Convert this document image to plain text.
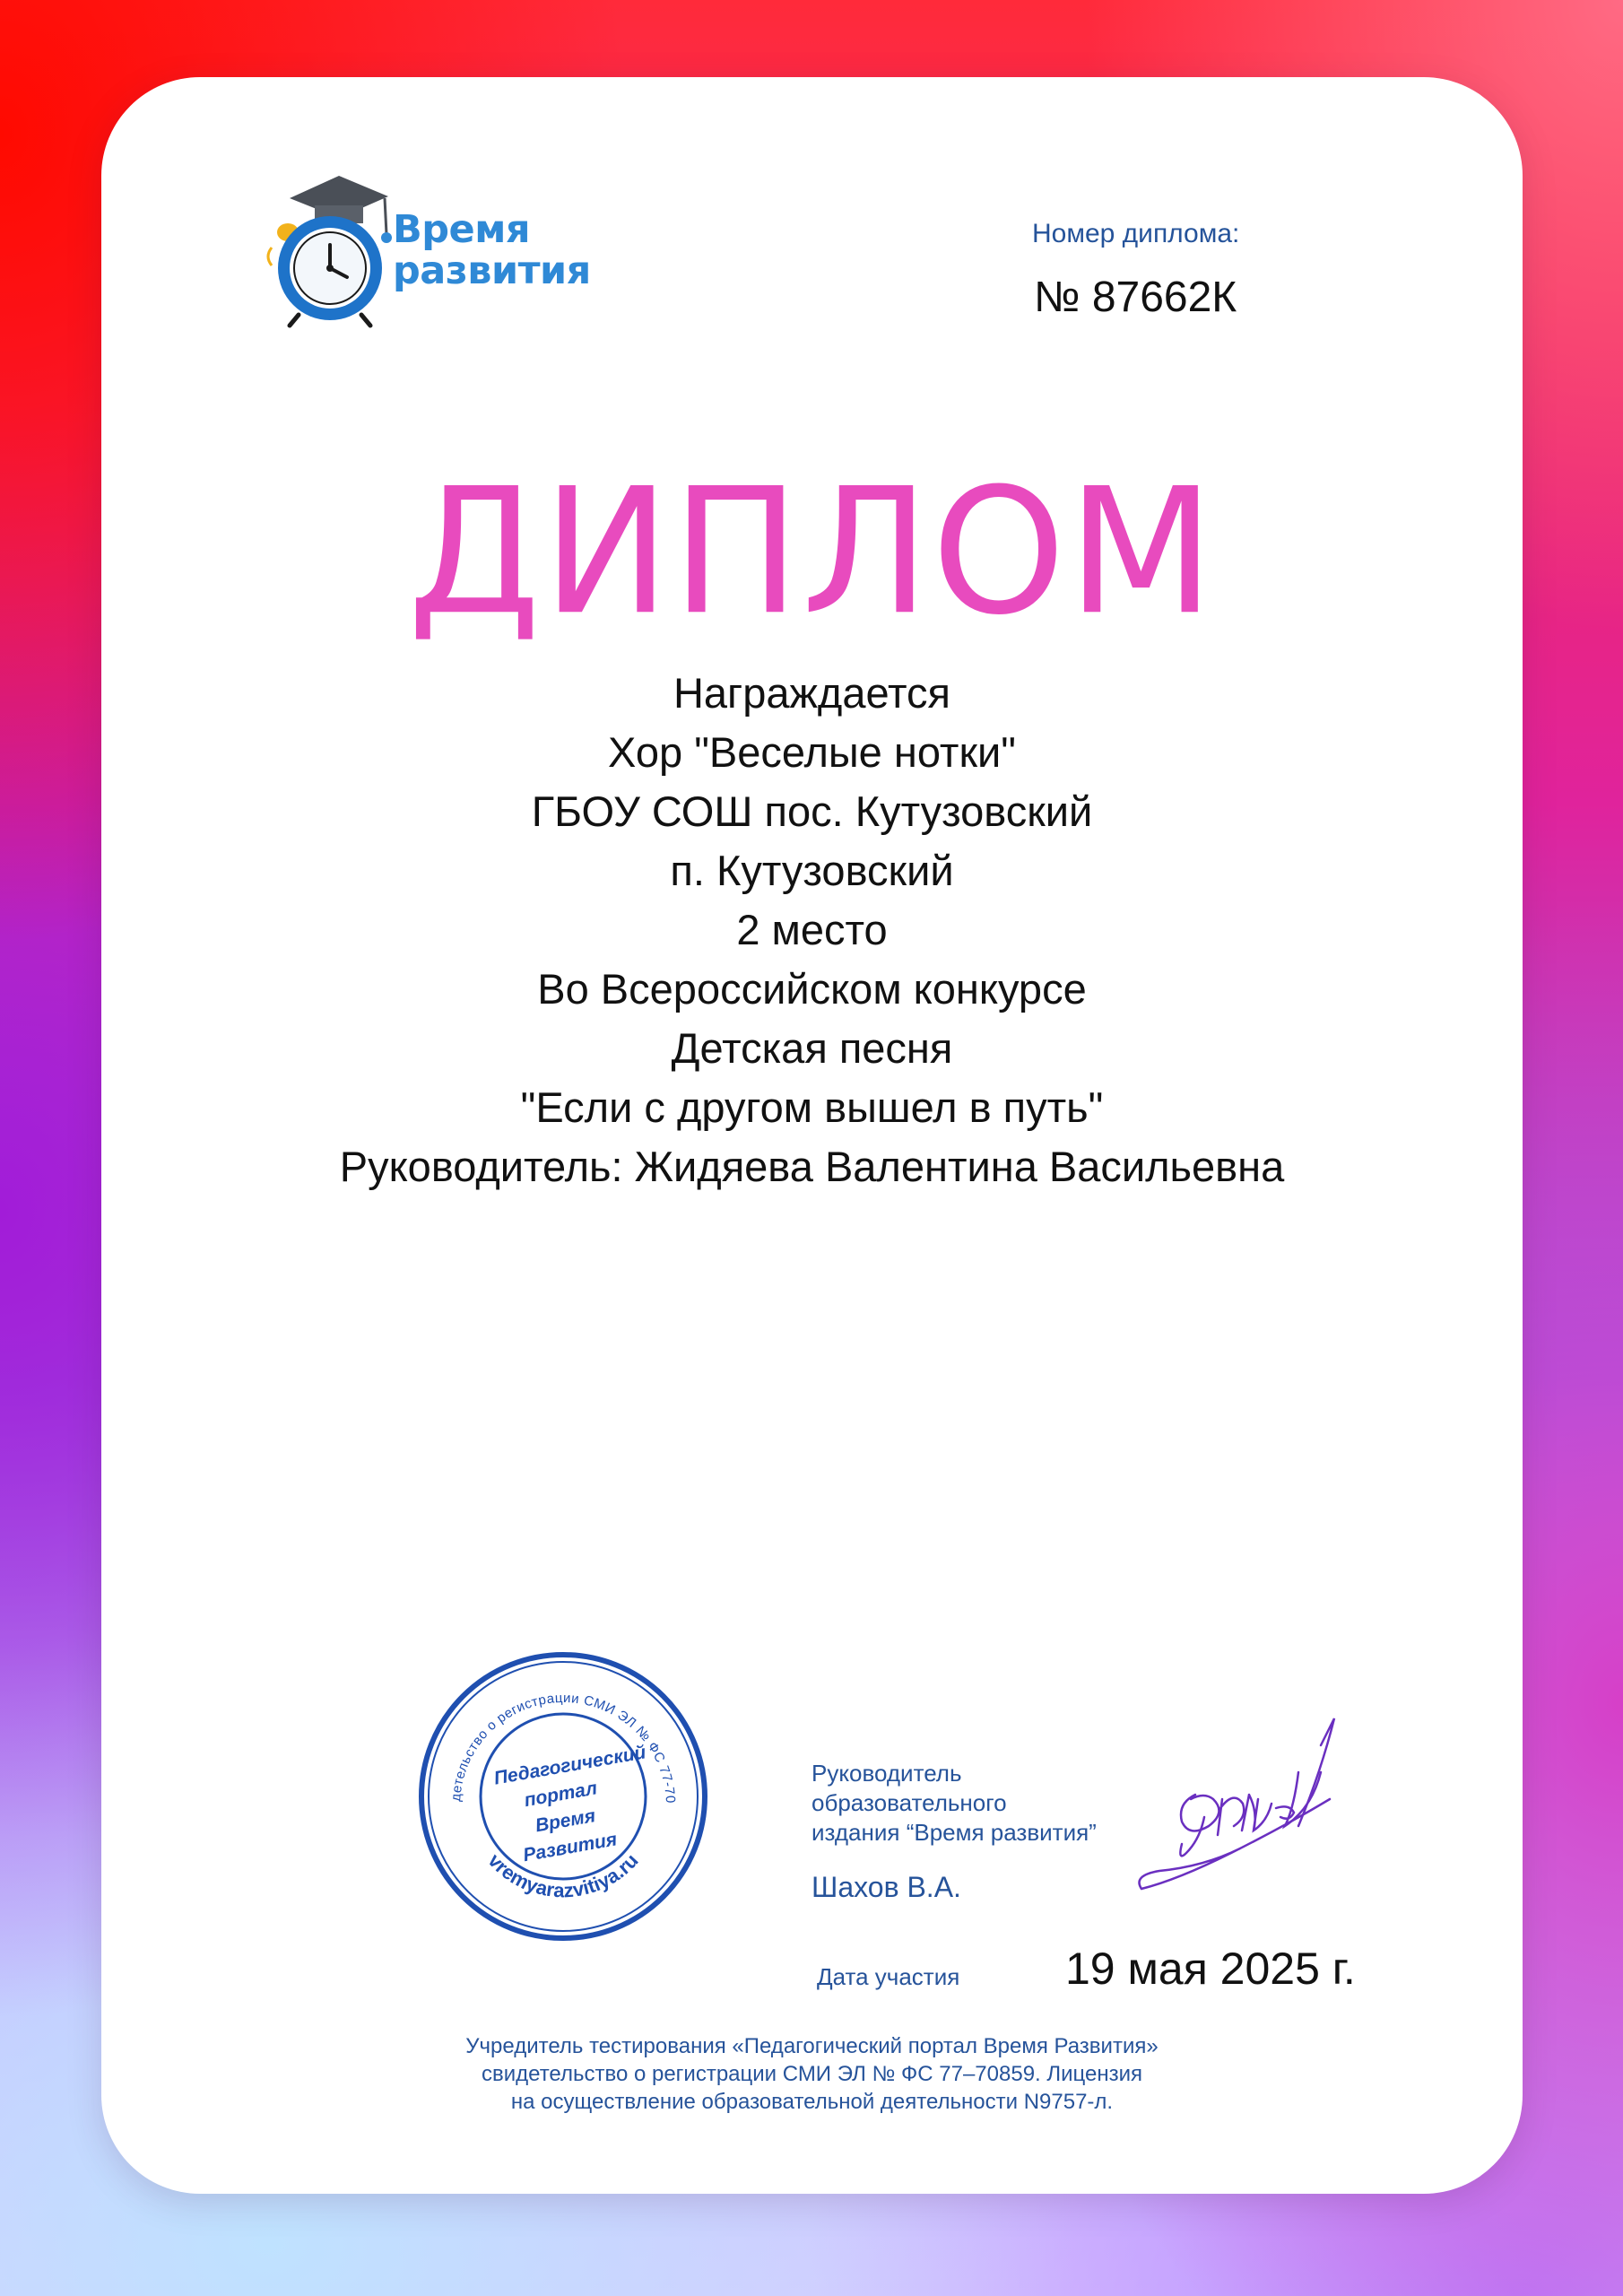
Время
развития
Номер диплома:
№ 87662К
ДИПЛОМ
Награждается
Хор "Веселые нотки"
ГБОУ СОШ пос. Кутузовский
п. Кутузовский
2 место
Во Всероссийском конкурсе
Детская песня
"Если с другом вышел в путь"
Руководитель: Жидяева Валентина Васильевна
детельство о регистрации СМИ ЭЛ № ФС 77-70
vremyarazvitiya.ru
Педагогический портал Время Развития
Руководитель
образовательного
издания “Время развития”
Шахов В.А.
Дата участия 19 мая 2025 г.
Учредитель тестирования «Педагогический портал Время Развития»
свидетельство о регистрации СМИ ЭЛ № ФС 77–70859. Лицензия
на осуществление образовательной деятельности N9757-л.
